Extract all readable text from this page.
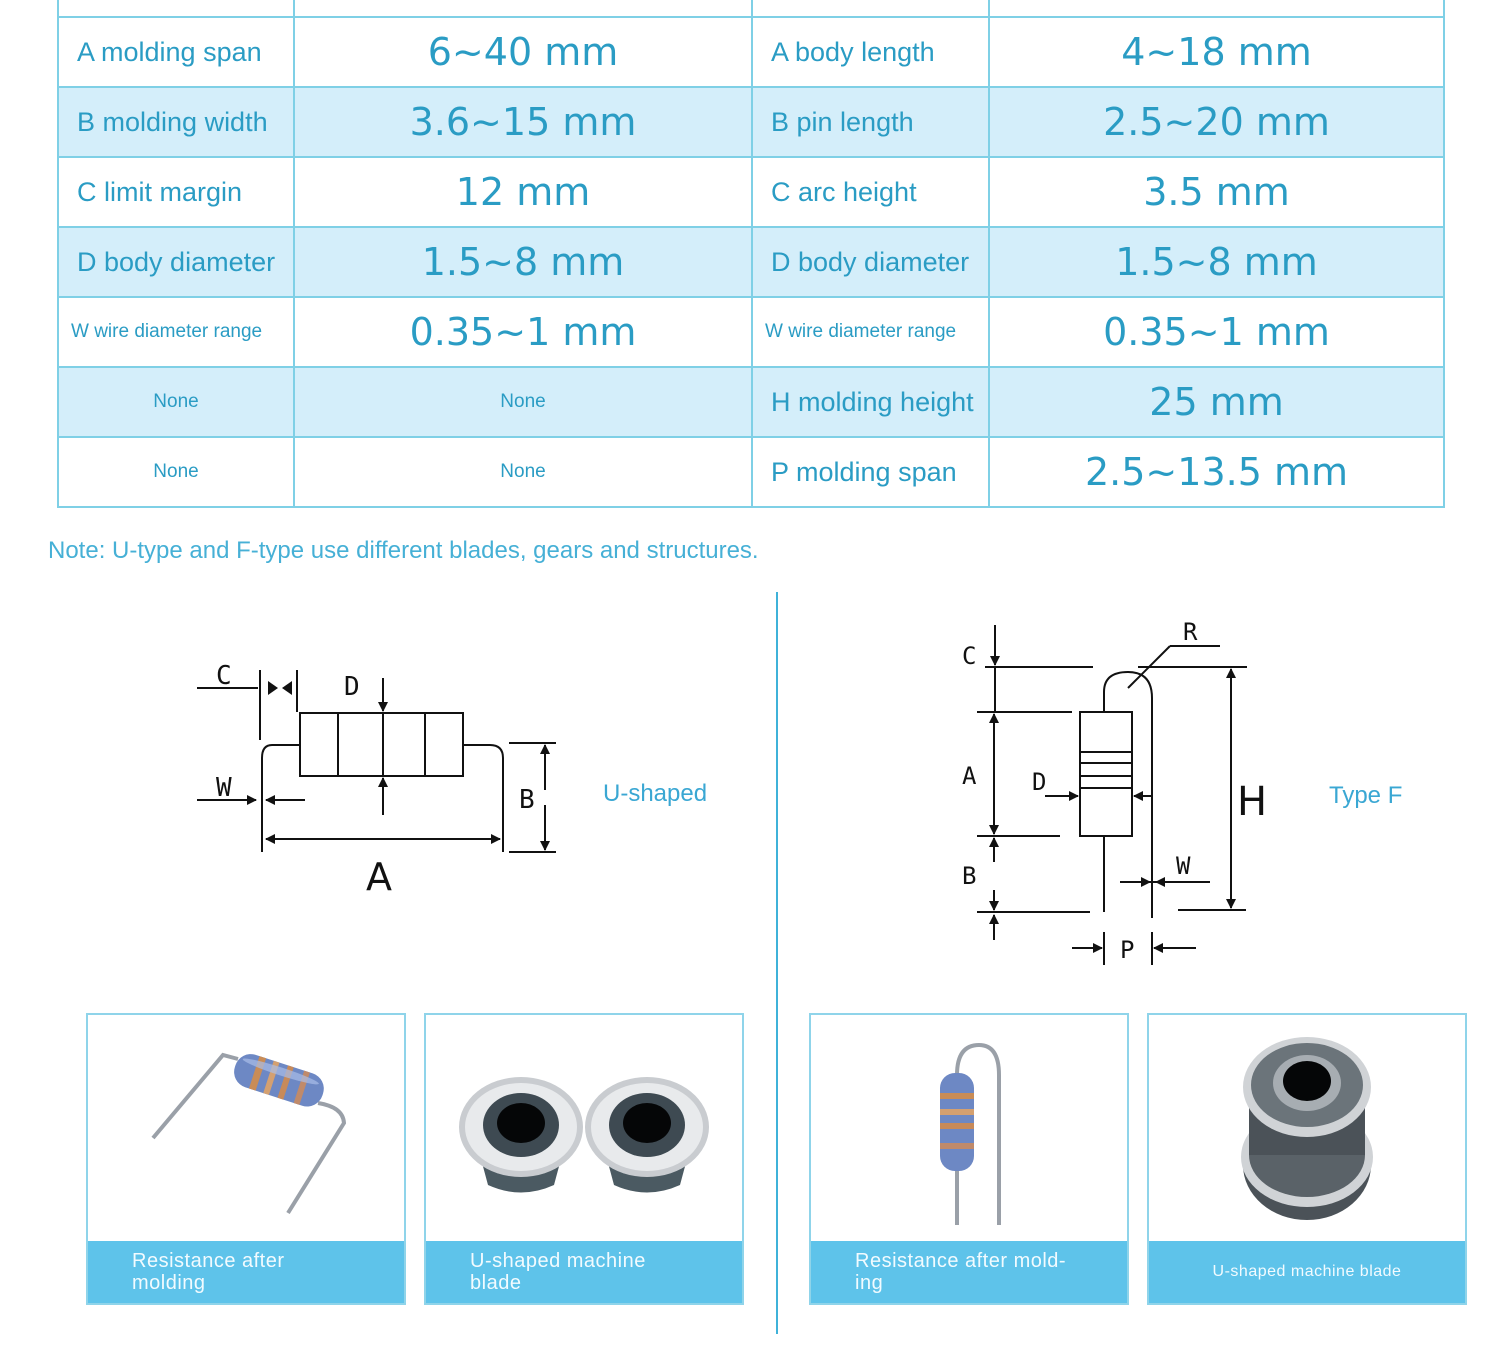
A molding span	6~40 mm	A body length	4~18 mm
B molding width	3.6~15 mm	B pin length	2.5~20 mm
C limit margin	12 mm	C arc height	3.5 mm
D body diameter	1.5~8 mm	D body diameter	1.5~8 mm
W wire diameter range	0.35~1 mm	W wire diameter range	0.35~1 mm
None	None	H molding height	25 mm
None	None	P molding span	2.5~13.5 mm
Note: U-type and F-type use different blades, gears and structures.
C	D
W	B
A
U-shaped
C
R
A D	H
B	W
P
Type F
Resistance after molding
U-shaped machine blade
Resistance after mold-ing
U-shaped machine blade
